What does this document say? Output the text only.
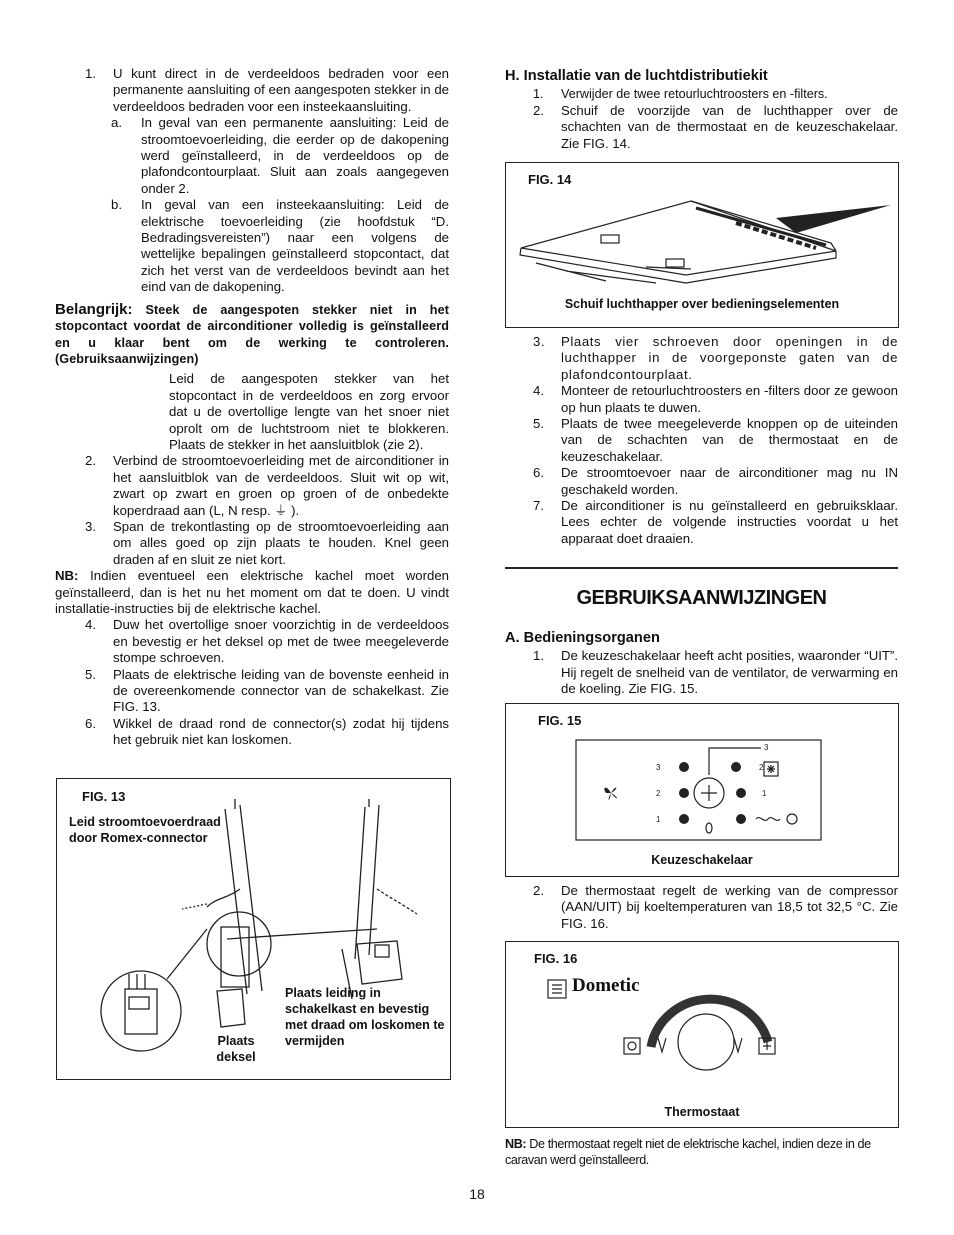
1.	U kunt direct in de verdeeldoos bedraden voor een permanente aansluiting of een aangespoten stekker in de verdeeldoos bedraden voor een insteekaansluiting.
a.	In geval van een permanente aansluiting: Leid de stroomtoevoerleiding, die eerder op de dakopening werd geïnstalleerd, in de verdeeldoos op de plafondcontourplaat. Sluit aan zoals aangegeven onder 2.
b.	In geval van een insteekaansluiting: Leid de elektrische toevoerleiding (zie hoofdstuk “D. Bedradingsvereisten”) naar een volgens de wettelijke bepalingen geïnstalleerd stopcontact, dat zich het verst van de verdeeldoos bevindt aan het eind van de dakopening.
Belangrijk: Steek de aangespoten stekker niet in het stopcontact voordat de airconditioner volledig is geïnstalleerd en u klaar bent om de werking te controleren. (Gebruiksaanwijzingen)
Leid de aangespoten stekker van het stopcontact in de verdeeldoos en zorg ervoor dat u de overtollige lengte van het snoer niet oprolt om de luchtstroom niet te blokkeren. Plaats de stekker in het aansluitblok (zie 2).
2.	Verbind de stroomtoevoerleiding met de airconditioner in het aansluitblok van de verdeeldoos. Sluit wit op wit, zwart op zwart en groen op groen of de onbedekte koperdraad aan (L, N resp. ⏚ ).
3.	Span de trekontlasting op de stroomtoevoerleiding aan om alles goed op zijn plaats te houden. Knel geen draden af en sluit ze niet kort.
NB: Indien eventueel een elektrische kachel moet worden geïnstalleerd, dan is het nu het moment om dat te doen. U vindt installatie-instructies bij de elektrische kachel.
4.	Duw het overtollige snoer voorzichtig in de verdeeldoos en bevestig er het deksel op met de twee meegeleverde stompe schroeven.
5.	Plaats de elektrische leiding van de bovenste eenheid in de overeenkomende connector van de schakelkast. Zie FIG. 13.
6.	Wikkel de draad rond de connector(s) zodat hij tijdens het gebruik niet kan loskomen.
FIG. 13
Leid stroomtoevoerdraad door Romex-connector
Plaats deksel
Plaats leiding in schakelkast en bevestig met draad om loskomen te vermijden
H. Installatie van de luchtdistributiekit
1.	Verwijder de twee retourluchtroosters en -filters.
2.	Schuif de voorzijde van de luchthapper over de schachten van de thermostaat en de keuzeschakelaar. Zie FIG. 14.
FIG. 14
Schuif luchthapper over bedieningselementen
3.	Plaats vier schroeven door openingen in de luchthapper in de voorgeponste gaten van de plafondcontourplaat.
4.	Monteer de retourluchtroosters en -filters door ze gewoon op hun plaats te duwen.
5.	Plaats de twee meegeleverde knoppen op de uiteinden van de schachten van de thermostaat en de keuzeschakelaar.
6.	De stroomtoevoer naar de airconditioner mag nu IN geschakeld worden.
7.	De airconditioner is nu geïnstalleerd en gebruiksklaar. Lees echter de volgende instructies voordat u het apparaat doet draaien.
GEBRUIKSAANWIJZINGEN
A. Bedieningsorganen
1.	De keuzeschakelaar heeft acht posities, waaronder “UIT”. Hij regelt de snelheid van de ventilator, de verwarming en de koeling. Zie FIG. 15.
3
2
1
3
2
1
FIG. 15
Keuzeschakelaar
2.	De thermostaat regelt de werking van de compressor (AAN/UIT) bij koeltemperaturen van 18,5 tot 32,5 °C. Zie FIG. 16.
Dometic
FIG. 16
Thermostaat
NB: De thermostaat regelt niet de elektrische kachel, indien deze in de caravan werd geïnstalleerd.
18
